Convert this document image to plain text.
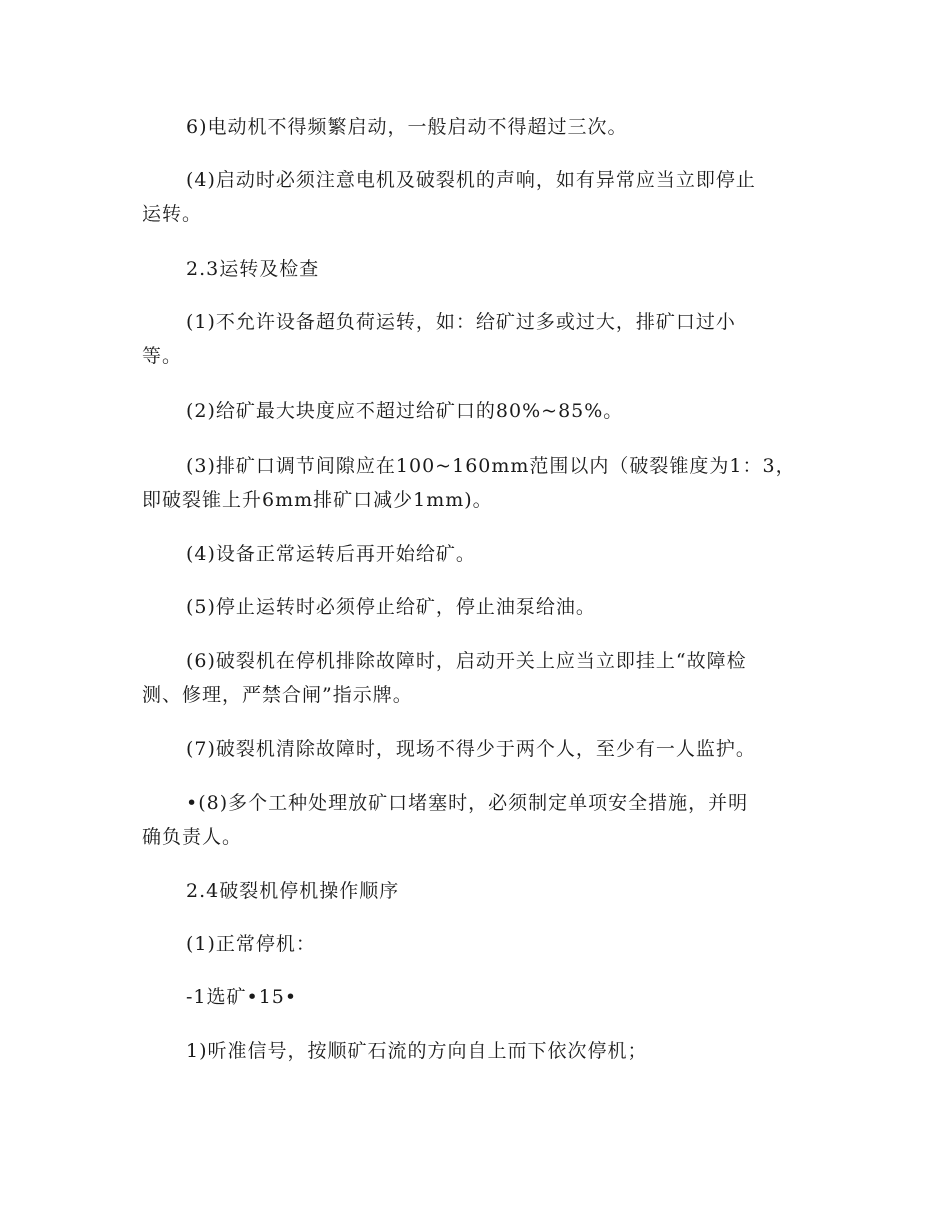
6)电动机不得频繁启动，一般启动不得超过三次。
(4)启动时必须注意电机及破裂机的声响，如有异常应当立即停止
运转。
2.3运转及检查
(1)不允许设备超负荷运转，如：给矿过多或过大，排矿口过小
等。
(2)给矿最大块度应不超过给矿口的80%~85%。
(3)排矿口调节间隙应在100~160mm范围以内（破裂锥度为1：3，
即破裂锥上升6mm排矿口减少1mm)。
(4)设备正常运转后再开始给矿。
(5)停止运转时必须停止给矿，停止油泵给油。
(6)破裂机在停机排除故障时，启动开关上应当立即挂上“故障检
测、修理，严禁合闸”指示牌。
(7)破裂机清除故障时，现场不得少于两个人，至少有一人监护。
•(8)多个工种处理放矿口堵塞时，必须制定单项安全措施，并明
确负责人。
2.4破裂机停机操作顺序
(1)正常停机：
-1选矿•15•
1)听准信号，按顺矿石流的方向自上而下依次停机；
